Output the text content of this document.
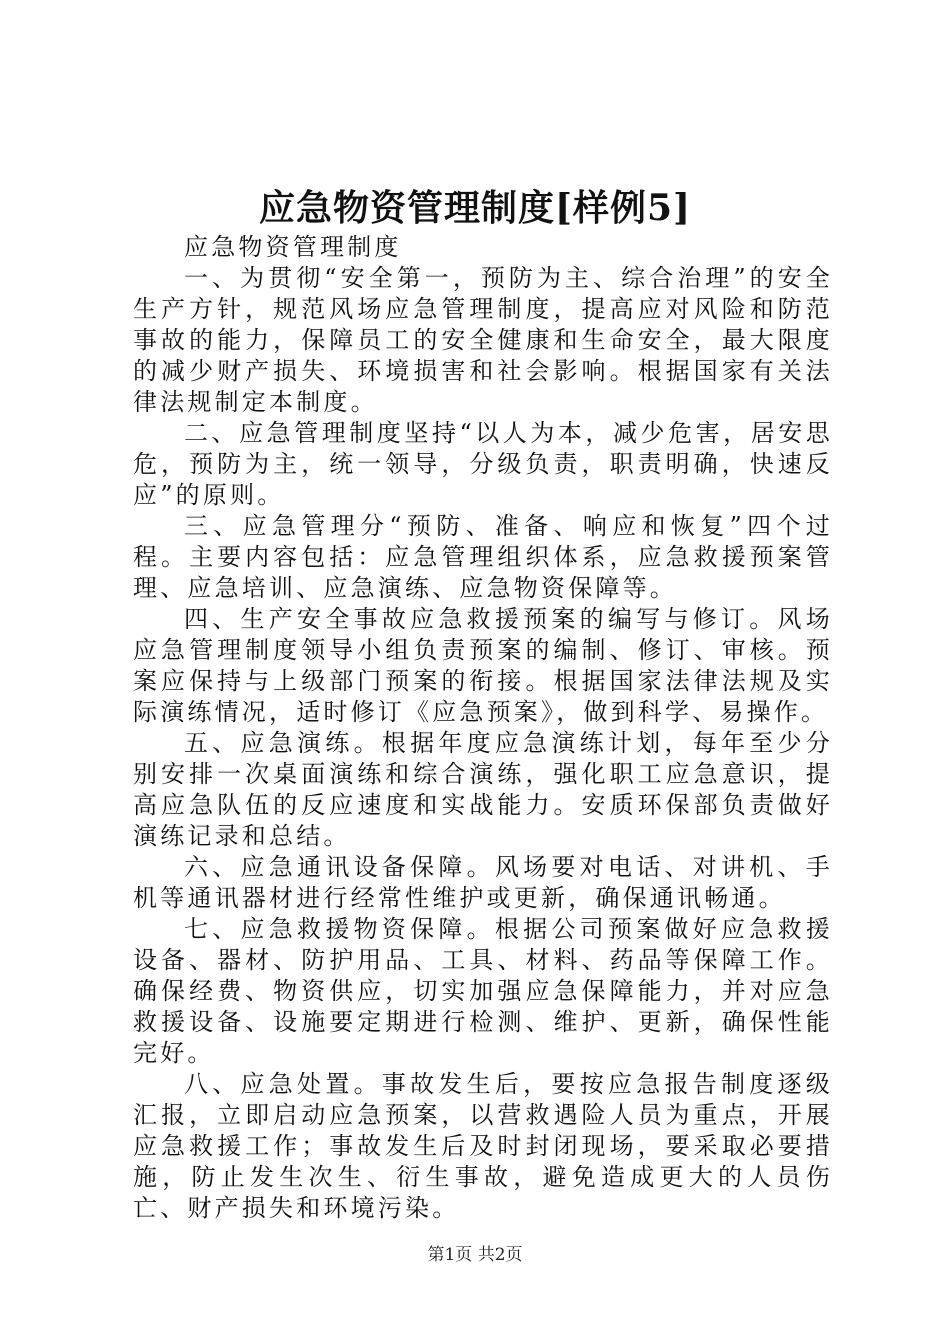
应急物资管理制度[样例5]

应急物资管理制度

一、为贯彻“安全第一，预防为主、综合治理”的安全生产方针，规范风场应急管理制度，提高应对风险和防范事故的能力，保障员工的安全健康和生命安全，最大限度的减少财产损失、环境损害和社会影响。根据国家有关法律法规制定本制度。

二、应急管理制度坚持“以人为本，减少危害，居安思危，预防为主，统一领导，分级负责，职责明确，快速反应”的原则。

三、应急管理分“预防、准备、响应和恢复”四个过程。主要内容包括：应急管理组织体系，应急救援预案管理、应急培训、应急演练、应急物资保障等。

四、生产安全事故应急救援预案的编写与修订。风场应急管理制度领导小组负责预案的编制、修订、审核。预案应保持与上级部门预案的衔接。根据国家法律法规及实际演练情况，适时修订《应急预案》，做到科学、易操作。

五、应急演练。根据年度应急演练计划，每年至少分别安排一次桌面演练和综合演练，强化职工应急意识，提高应急队伍的反应速度和实战能力。安质环保部负责做好演练记录和总结。

六、应急通讯设备保障。风场要对电话、对讲机、手机等通讯器材进行经常性维护或更新，确保通讯畅通。

七、应急救援物资保障。根据公司预案做好应急救援设备、器材、防护用品、工具、材料、药品等保障工作。确保经费、物资供应，切实加强应急保障能力，并对应急救援设备、设施要定期进行检测、维护、更新，确保性能完好。

八、应急处置。事故发生后，要按应急报告制度逐级汇报，立即启动应急预案，以营救遇险人员为重点，开展应急救援工作；事故发生后及时封闭现场，要采取必要措施，防止发生次生、衍生事故，避免造成更大的人员伤亡、财产损失和环境污染。

第1页 共2页
